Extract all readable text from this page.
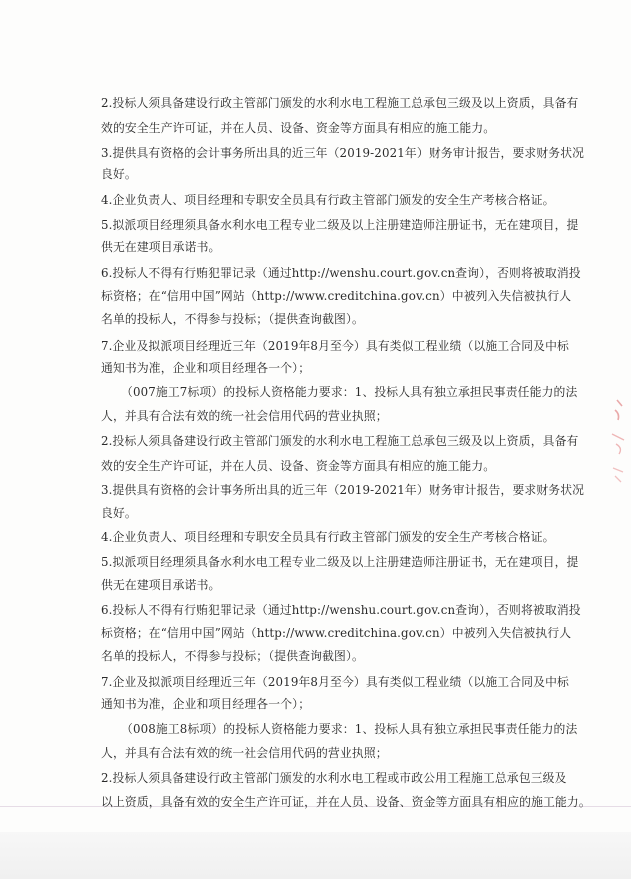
2.投标人须具备建设行政主管部门颁发的水利水电工程施工总承包三级及以上资质，具备有
效的安全生产许可证，并在人员、设备、资金等方面具有相应的施工能力。
3.提供具有资格的会计事务所出具的近三年（2019-2021年）财务审计报告，要求财务状况
良好。
4.企业负责人、项目经理和专职安全员具有行政主管部门颁发的安全生产考核合格证。
5.拟派项目经理须具备水利水电工程专业二级及以上注册建造师注册证书，无在建项目，提
供无在建项目承诺书。
6.投标人不得有行贿犯罪记录（通过http://wenshu.court.gov.cn查询），否则将被取消投
标资格；在“信用中国”网站（http://www.creditchina.gov.cn）中被列入失信被执行人
名单的投标人，不得参与投标；（提供查询截图）。
7.企业及拟派项目经理近三年（2019年8月至今）具有类似工程业绩（以施工合同及中标
通知书为准，企业和项目经理各一个）；
（007施工7标项）的投标人资格能力要求：1、投标人具有独立承担民事责任能力的法
人，并具有合法有效的统一社会信用代码的营业执照；
2.投标人须具备建设行政主管部门颁发的水利水电工程施工总承包三级及以上资质，具备有
效的安全生产许可证，并在人员、设备、资金等方面具有相应的施工能力。
3.提供具有资格的会计事务所出具的近三年（2019-2021年）财务审计报告，要求财务状况
良好。
4.企业负责人、项目经理和专职安全员具有行政主管部门颁发的安全生产考核合格证。
5.拟派项目经理须具备水利水电工程专业二级及以上注册建造师注册证书，无在建项目，提
供无在建项目承诺书。
6.投标人不得有行贿犯罪记录（通过http://wenshu.court.gov.cn查询），否则将被取消投
标资格；在“信用中国”网站（http://www.creditchina.gov.cn）中被列入失信被执行人
名单的投标人，不得参与投标；（提供查询截图）。
7.企业及拟派项目经理近三年（2019年8月至今）具有类似工程业绩（以施工合同及中标
通知书为准，企业和项目经理各一个）；
（008施工8标项）的投标人资格能力要求：1、投标人具有独立承担民事责任能力的法
人，并具有合法有效的统一社会信用代码的营业执照；
2.投标人须具备建设行政主管部门颁发的水利水电工程或市政公用工程施工总承包三级及
以上资质，具备有效的安全生产许可证，并在人员、设备、资金等方面具有相应的施工能力。
